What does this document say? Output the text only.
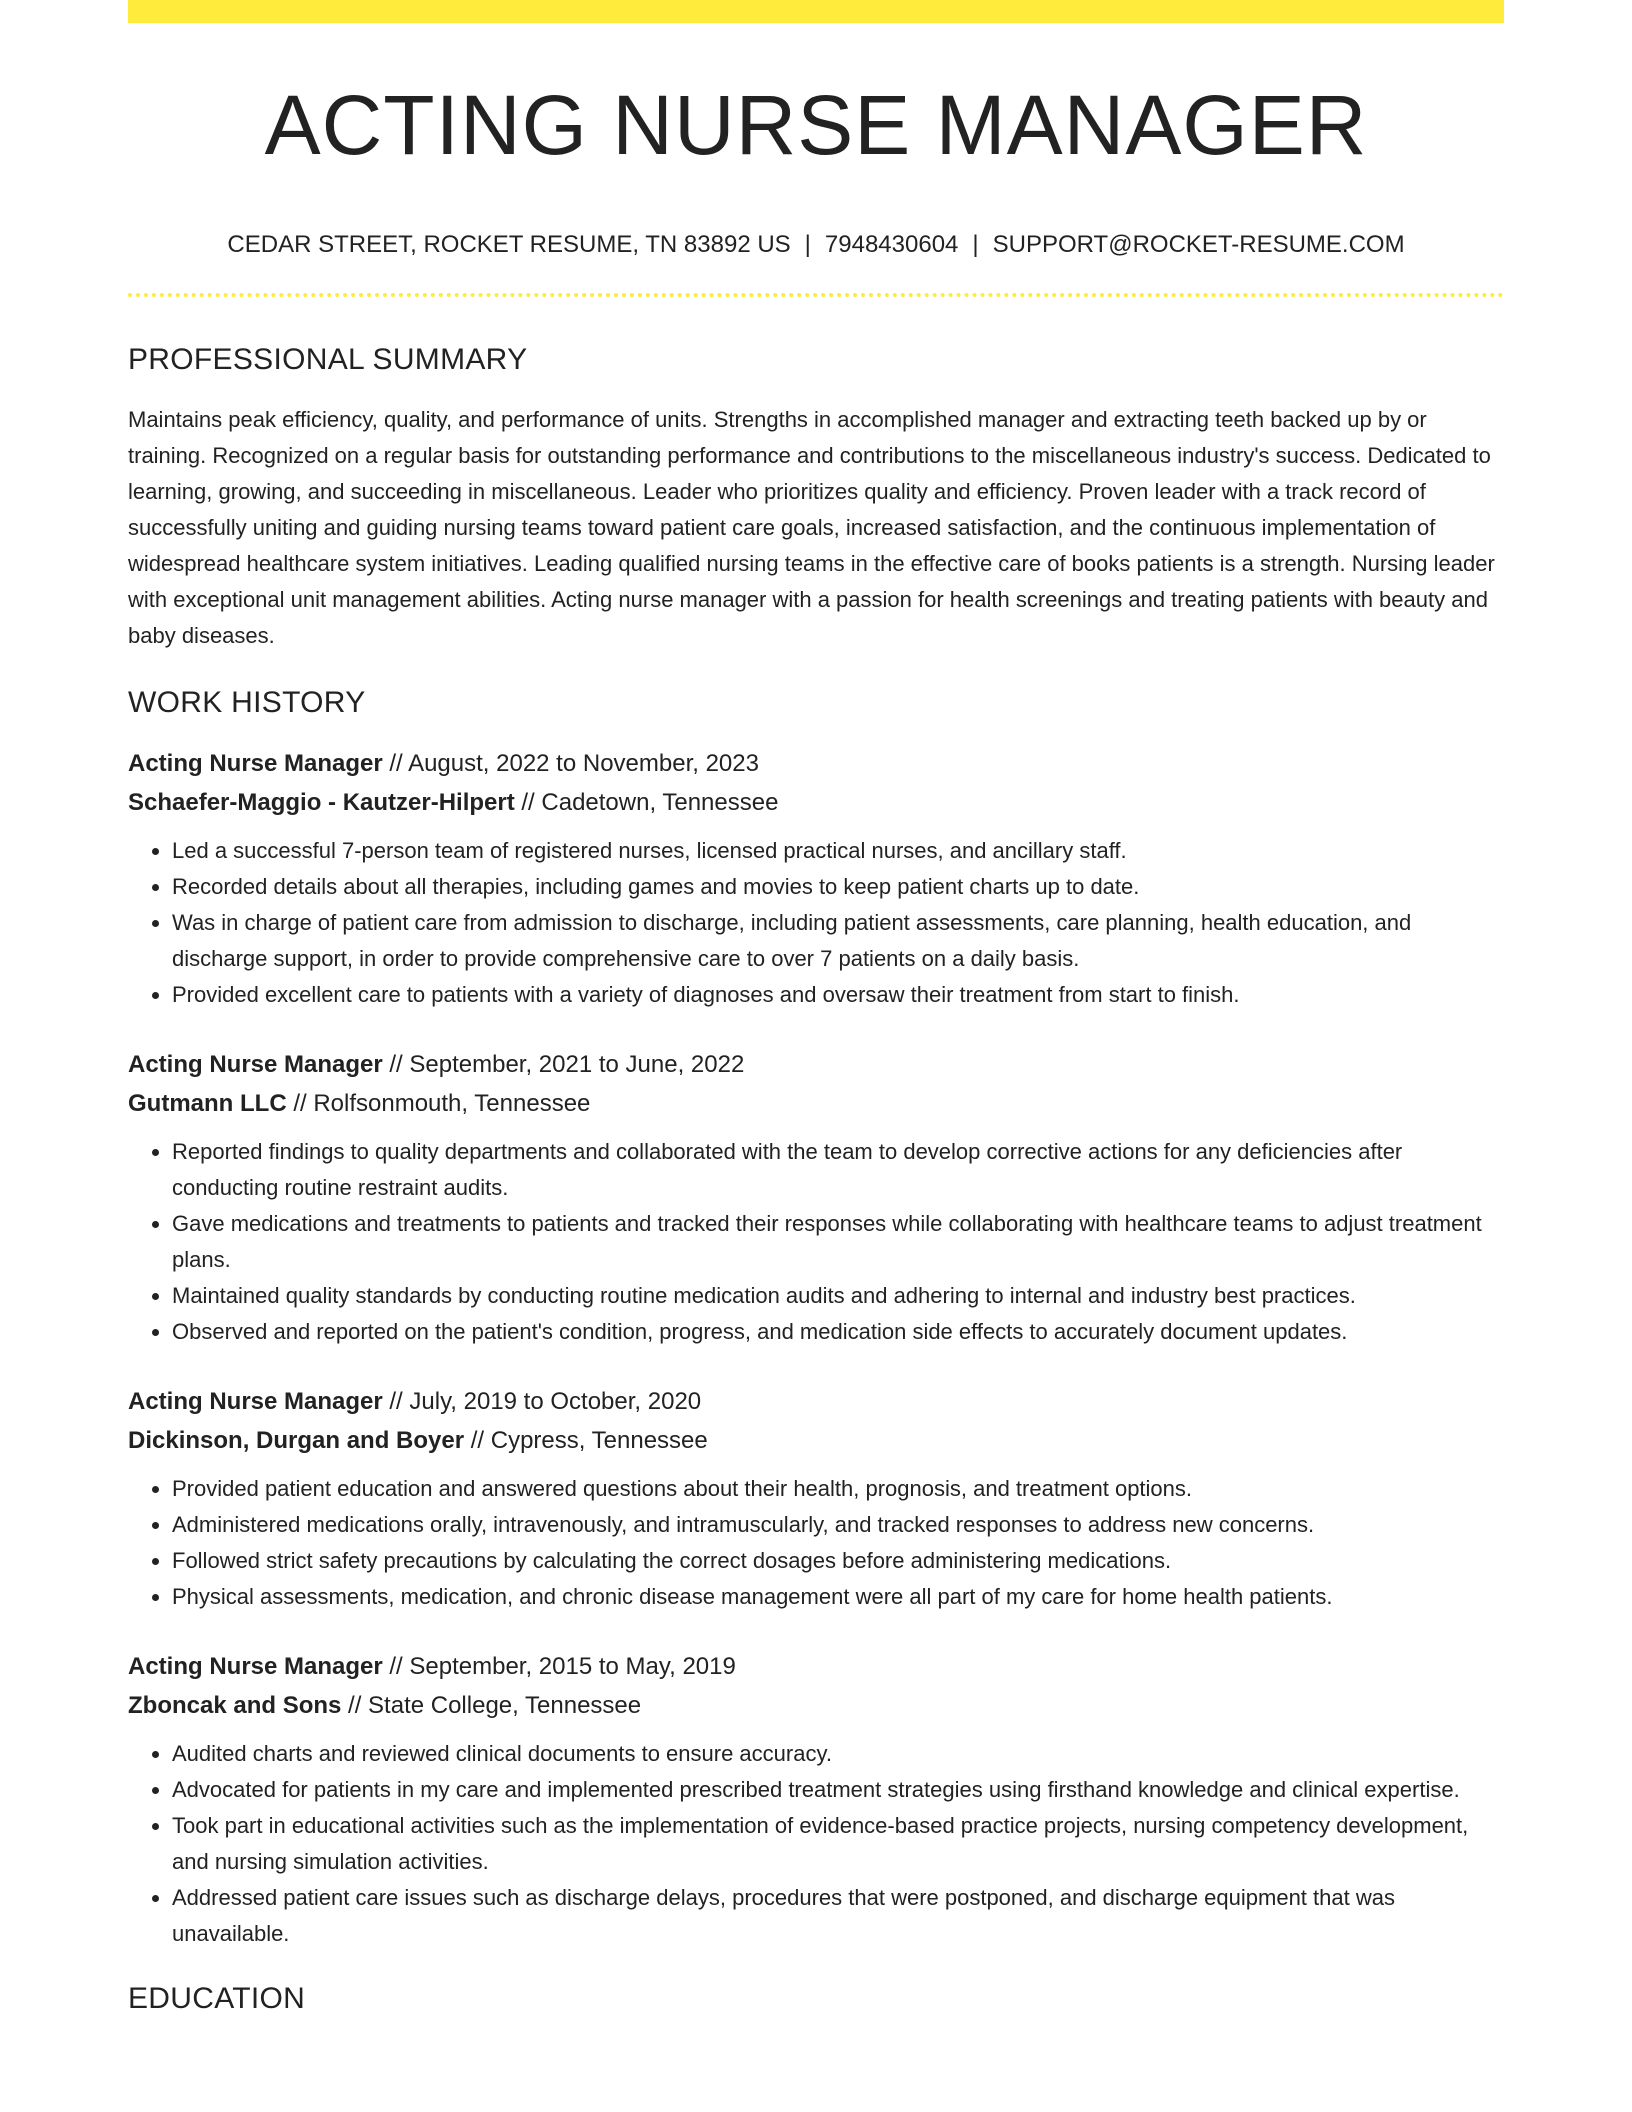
ACTING NURSE MANAGER
CEDAR STREET, ROCKET RESUME, TN 83892 US | 7948430604 | SUPPORT@ROCKET-RESUME.COM
PROFESSIONAL SUMMARY

Maintains peak efficiency, quality, and performance of units. Strengths in accomplished manager and extracting teeth backed up by or training. Recognized on a regular basis for outstanding performance and contributions to the miscellaneous industry's success. Dedicated to learning, growing, and succeeding in miscellaneous. Leader who prioritizes quality and efficiency. Proven leader with a track record of successfully uniting and guiding nursing teams toward patient care goals, increased satisfaction, and the continuous implementation of widespread healthcare system initiatives. Leading qualified nursing teams in the effective care of books patients is a strength. Nursing leader with exceptional unit management abilities. Acting nurse manager with a passion for health screenings and treating patients with beauty and baby diseases.

WORK HISTORY
Acting Nurse Manager // August, 2022 to November, 2023
Schaefer-Maggio - Kautzer-Hilpert // Cadetown, Tennessee
• Led a successful 7-person team of registered nurses, licensed practical nurses, and ancillary staff.
• Recorded details about all therapies, including games and movies to keep patient charts up to date.
• Was in charge of patient care from admission to discharge, including patient assessments, care planning, health education, and discharge support, in order to provide comprehensive care to over 7 patients on a daily basis.
• Provided excellent care to patients with a variety of diagnoses and oversaw their treatment from start to finish.
Acting Nurse Manager // September, 2021 to June, 2022
Gutmann LLC // Rolfsonmouth, Tennessee
• Reported findings to quality departments and collaborated with the team to develop corrective actions for any deficiencies after conducting routine restraint audits.
• Gave medications and treatments to patients and tracked their responses while collaborating with healthcare teams to adjust treatment plans.
• Maintained quality standards by conducting routine medication audits and adhering to internal and industry best practices.
• Observed and reported on the patient's condition, progress, and medication side effects to accurately document updates.
Acting Nurse Manager // July, 2019 to October, 2020
Dickinson, Durgan and Boyer // Cypress, Tennessee
• Provided patient education and answered questions about their health, prognosis, and treatment options.
• Administered medications orally, intravenously, and intramuscularly, and tracked responses to address new concerns.
• Followed strict safety precautions by calculating the correct dosages before administering medications.
• Physical assessments, medication, and chronic disease management were all part of my care for home health patients.
Acting Nurse Manager // September, 2015 to May, 2019
Zboncak and Sons // State College, Tennessee
• Audited charts and reviewed clinical documents to ensure accuracy.
• Advocated for patients in my care and implemented prescribed treatment strategies using firsthand knowledge and clinical expertise.
• Took part in educational activities such as the implementation of evidence-based practice projects, nursing competency development, and nursing simulation activities.
• Addressed patient care issues such as discharge delays, procedures that were postponed, and discharge equipment that was unavailable.
EDUCATION
